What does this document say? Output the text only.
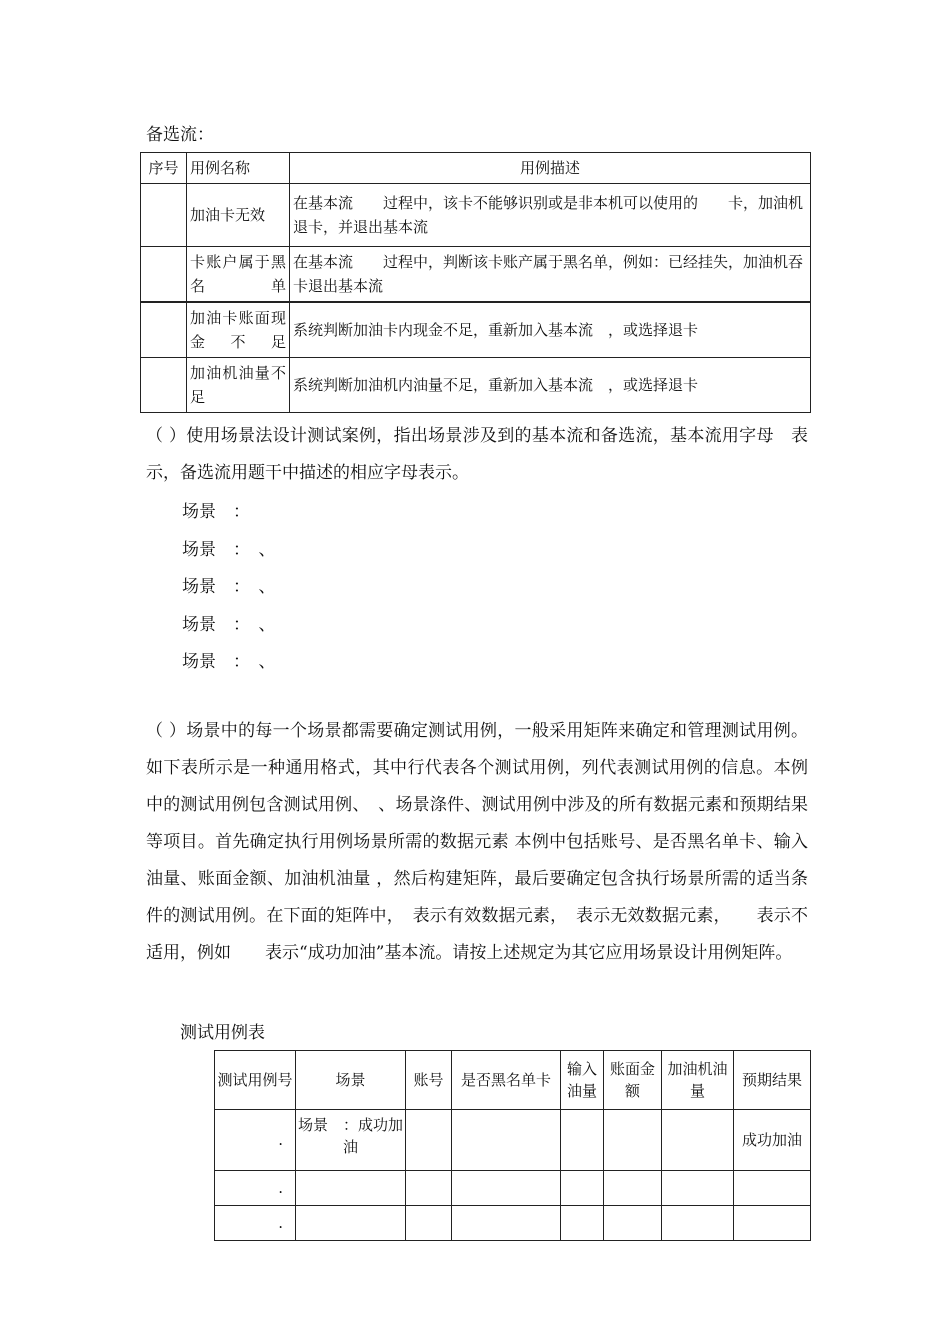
备选流：
序号	用例名称	用例描述
	加油卡无效	在基本流　　过程中，该卡不能够识别或是非本机可以使用的　　卡，加油机退卡，并退出基本流
	卡账户属于黑名单	在基本流　　过程中，判断该卡账产属于黑名单，例如：已经挂失，加油机吞卡退出基本流
	加油卡账面现金不足	系统判断加油卡内现金不足，重新加入基本流　，或选择退卡
	加油机油量不足	系统判断加油机内油量不足，重新加入基本流　，或选择退卡
（ ）使用场景法设计测试案例，指出场景涉及到的基本流和备选流，基本流用字母　表示，备选流用题干中描述的相应字母表示。
场景　：
场景　：　、
场景　：　、
场景　：　、
场景　：　、
（ ）场景中的每一个场景都需要确定测试用例，一般采用矩阵来确定和管理测试用例。如下表所示是一种通用格式，其中行代表各个测试用例，列代表测试用例的信息。本例中的测试用例包含测试用例、　、场景涤件、测试用例中涉及的所有数据元素和预期结果等项目。首先确定执行用例场景所需的数据元素 本例中包括账号、是否黑名单卡、输入油量、账面金额、加油机油量 ，然后构建矩阵，最后要确定包含执行场景所需的适当条件的测试用例。在下面的矩阵中，　表示有效数据元素，　表示无效数据元素，　　表示不适用，例如　　表示“成功加油”基本流。请按上述规定为其它应用场景设计用例矩阵。
测试用例表
测试用例号	场景	账号	是否黑名单卡	输入油量	账面金额	加油机油量	预期结果
.	场景　：成功加油						成功加油
.							
.							
